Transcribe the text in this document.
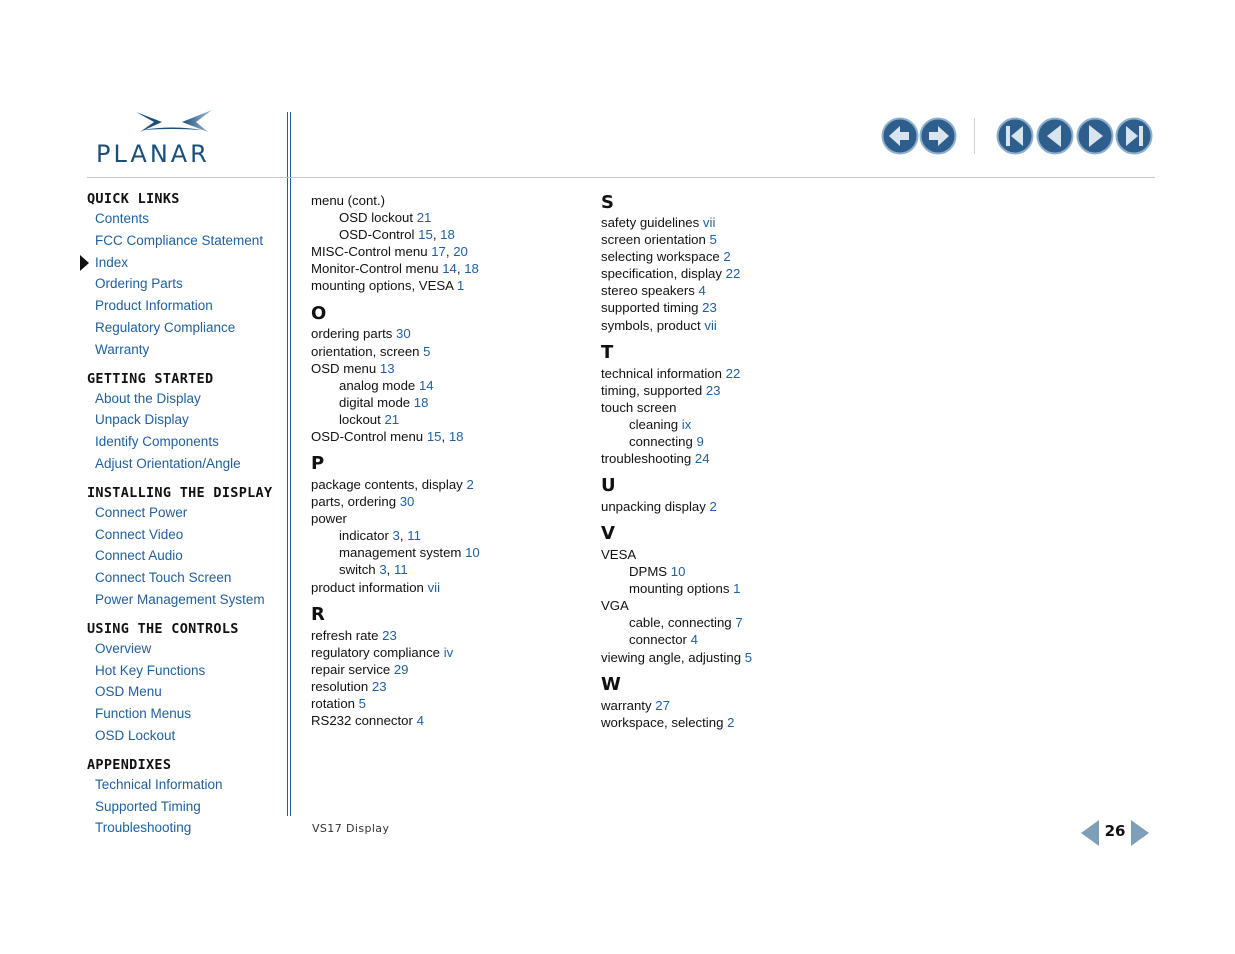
PLANAR
QUICK LINKS
Contents
FCC Compliance Statement
Index
Ordering Parts
Product Information
Regulatory Compliance
Warranty
GETTING STARTED
About the Display
Unpack Display
Identify Components
Adjust Orientation/Angle
INSTALLING THE DISPLAY
Connect Power
Connect Video
Connect Audio
Connect Touch Screen
Power Management System
USING THE CONTROLS
Overview
Hot Key Functions
OSD Menu
Function Menus
OSD Lockout
APPENDIXES
Technical Information
Supported Timing
Troubleshooting
menu (cont.)
OSD lockout 21
OSD-Control 15, 18
MISC-Control menu 17, 20
Monitor-Control menu 14, 18
mounting options, VESA 1
O
ordering parts 30
orientation, screen 5
OSD menu 13
analog mode 14
digital mode 18
lockout 21
OSD-Control menu 15, 18
P
package contents, display 2
parts, ordering 30
power
indicator 3, 11
management system 10
switch 3, 11
product information vii
R
refresh rate 23
regulatory compliance iv
repair service 29
resolution 23
rotation 5
RS232 connector 4
S
safety guidelines vii
screen orientation 5
selecting workspace 2
specification, display 22
stereo speakers 4
supported timing 23
symbols, product vii
T
technical information 22
timing, supported 23
touch screen
cleaning ix
connecting 9
troubleshooting 24
U
unpacking display 2
V
VESA
DPMS 10
mounting options 1
VGA
cable, connecting 7
connector 4
viewing angle, adjusting 5
W
warranty 27
workspace, selecting 2
VS17 Display	26
